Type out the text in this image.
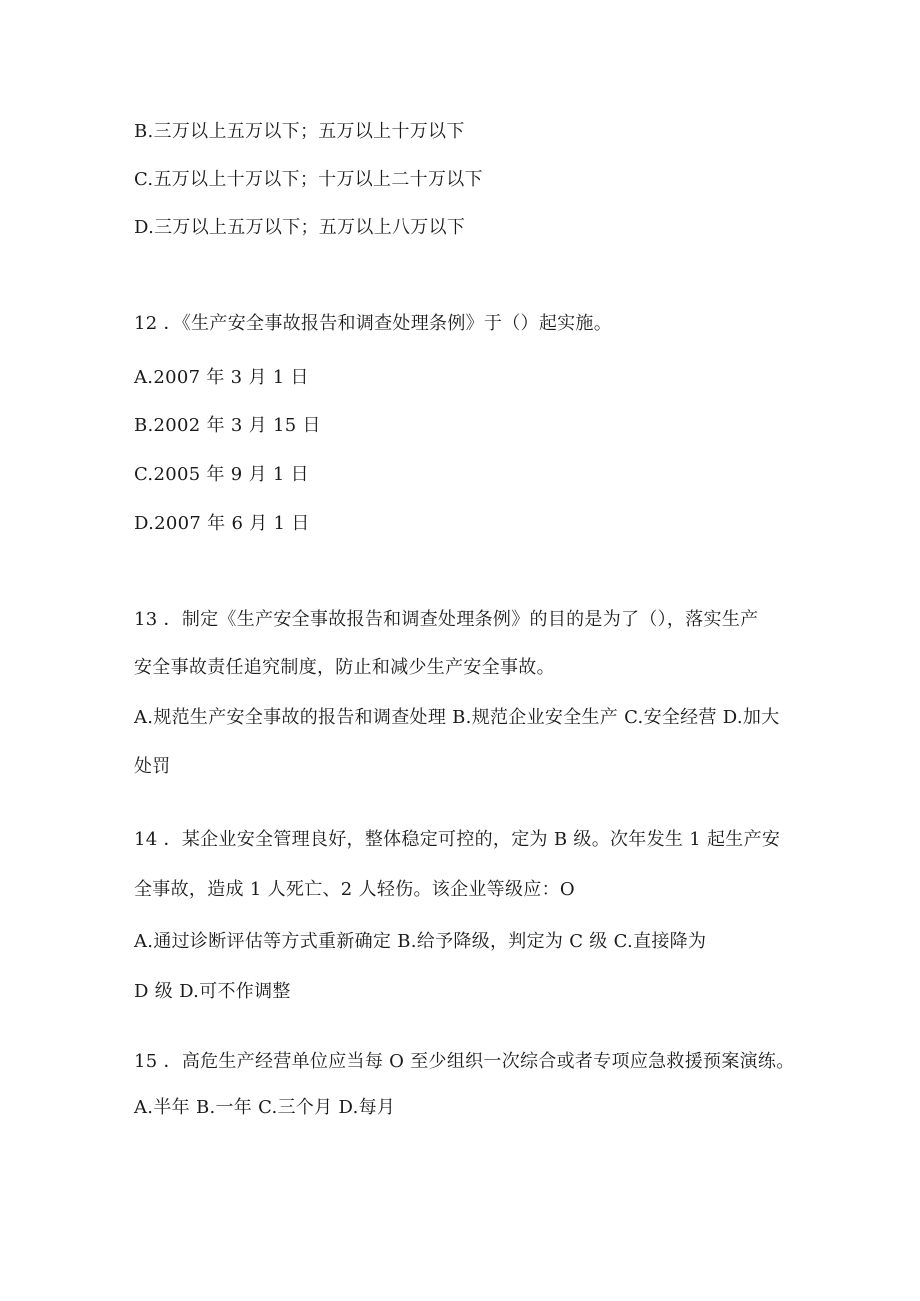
B.三万以上五万以下；五万以上十万以下
C.五万以上十万以下；十万以上二十万以下
D.三万以上五万以下；五万以上八万以下
12 ．《生产安全事故报告和调查处理条例》于（）起实施。
A.2007 年 3 月 1 日
B.2002 年 3 月 15 日
C.2005 年 9 月 1 日
D.2007 年 6 月 1 日
13 ．制定《生产安全事故报告和调查处理条例》的目的是为了（），落实生产
安全事故责任追究制度，防止和减少生产安全事故。
A.规范生产安全事故的报告和调查处理 B.规范企业安全生产 C.安全经营 D.加大
处罚
14 ．某企业安全管理良好，整体稳定可控的，定为 B 级。次年发生 1 起生产安
全事故，造成 1 人死亡、2 人轻伤。该企业等级应：O
A.通过诊断评估等方式重新确定 B.给予降级，判定为 C 级 C.直接降为
D 级 D.可不作调整
15 ．高危生产经营单位应当每 O 至少组织一次综合或者专项应急救援预案演练。
A.半年 B.一年 C.三个月 D.每月
